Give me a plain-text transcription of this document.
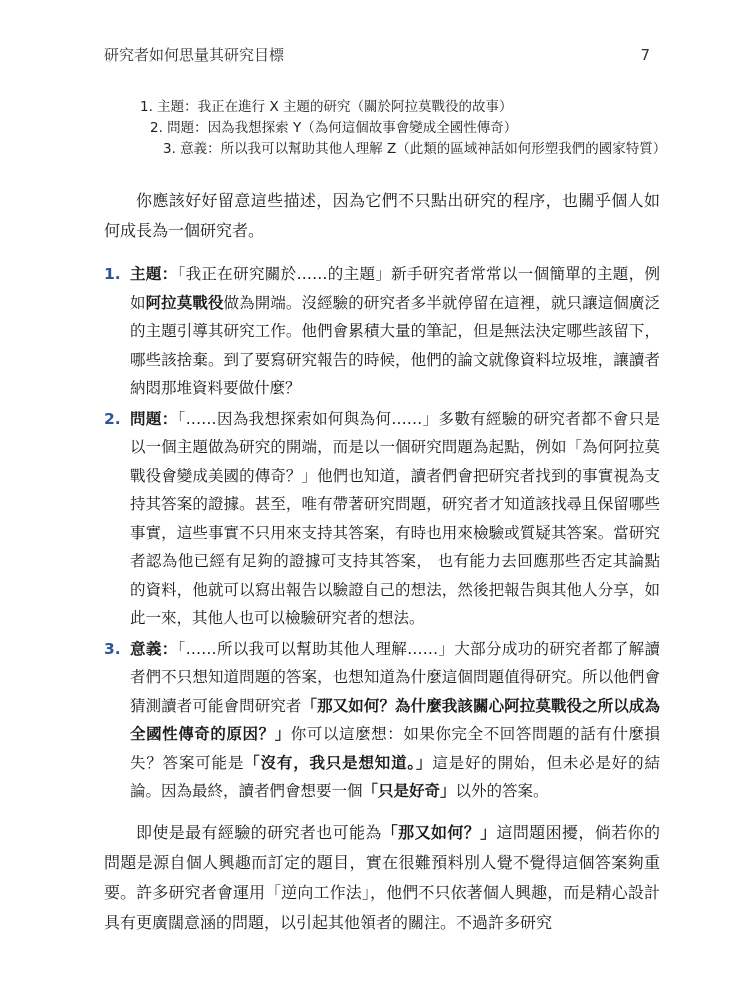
研究者如何思量其研究目標	7
1. 主題：我正在進行 X 主題的研究（關於阿拉莫戰役的故事）
2. 問題：因為我想探索 Y（為何這個故事會變成全國性傳奇）
3. 意義：所以我可以幫助其他人理解 Z（此類的區域神話如何形塑我們的國家特質）

你應該好好留意這些描述，因為它們不只點出研究的程序，也關乎個人如何成長為一個研究者。

1. 主題：「我正在研究關於……的主題」新手研究者常常以一個簡單的主題，例如阿拉莫戰役做為開端。沒經驗的研究者多半就停留在這裡，就只讓這個廣泛的主題引導其研究工作。他們會累積大量的筆記，但是無法決定哪些該留下，哪些該捨棄。到了要寫研究報告的時候，他們的論文就像資料垃圾堆，讓讀者納悶那堆資料要做什麼？
2. 問題：「……因為我想探索如何與為何……」多數有經驗的研究者都不會只是以一個主題做為研究的開端，而是以一個研究問題為起點，例如「為何阿拉莫戰役會變成美國的傳奇？」他們也知道，讀者們會把研究者找到的事實視為支持其答案的證據。甚至，唯有帶著研究問題，研究者才知道該找尋且保留哪些事實，這些事實不只用來支持其答案，有時也用來檢驗或質疑其答案。當研究者認為他已經有足夠的證據可支持其答案， 也有能力去回應那些否定其論點的資料，他就可以寫出報告以驗證自己的想法，然後把報告與其他人分享，如此一來，其他人也可以檢驗研究者的想法。
3. 意義：「……所以我可以幫助其他人理解……」大部分成功的研究者都了解讀者們不只想知道問題的答案，也想知道為什麼這個問題值得研究。所以他們會猜測讀者可能會問研究者「那又如何？為什麼我該關心阿拉莫戰役之所以成為全國性傳奇的原因？」你可以這麼想：如果你完全不回答問題的話有什麼損失？答案可能是「沒有，我只是想知道。」這是好的開始，但未必是好的結論。因為最終，讀者們會想要一個「只是好奇」以外的答案。

即使是最有經驗的研究者也可能為「那又如何？」這問題困擾，倘若你的問題是源自個人興趣而訂定的題目，實在很難預料別人覺不覺得這個答案夠重要。許多研究者會運用「逆向工作法」，他們不只依著個人興趣，而是精心設計具有更廣闊意涵的問題，以引起其他領者的關注。不過許多研究
